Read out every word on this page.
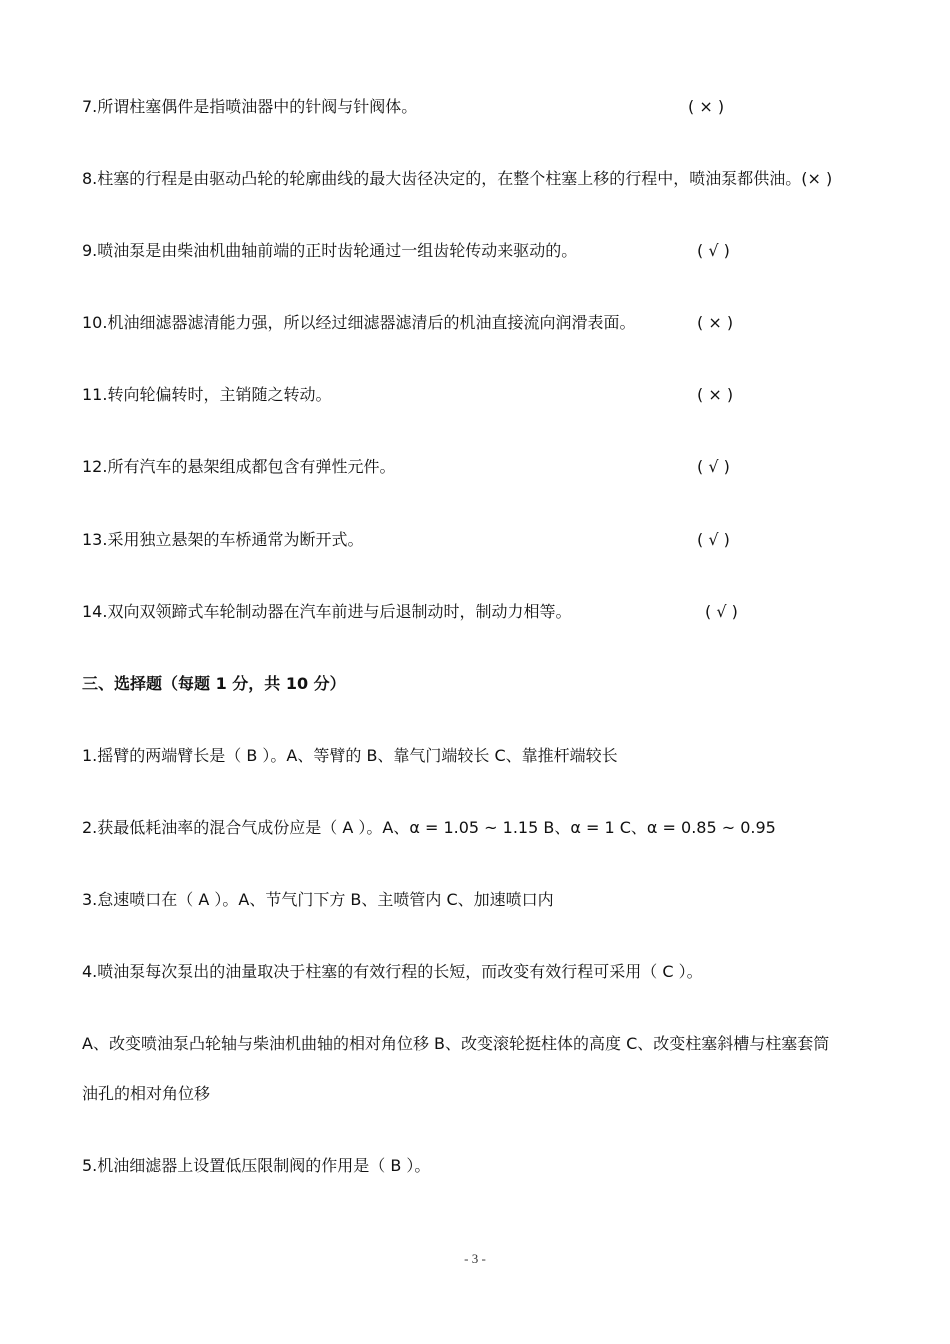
7.所谓柱塞偶件是指喷油器中的针阀与针阀体。	( × )
8.柱塞的行程是由驱动凸轮的轮廓曲线的最大齿径决定的，在整个柱塞上移的行程中，喷油泵都供油。(× )
9.喷油泵是由柴油机曲轴前端的正时齿轮通过一组齿轮传动来驱动的。	( √ )
10.机油细滤器滤清能力强，所以经过细滤器滤清后的机油直接流向润滑表面。	( × )
11.转向轮偏转时，主销随之转动。	( × )
12.所有汽车的悬架组成都包含有弹性元件。	( √ )
13.采用独立悬架的车桥通常为断开式。	( √ )
14.双向双领蹄式车轮制动器在汽车前进与后退制动时，制动力相等。	( √ )
三、选择题（每题 1 分，共 10 分）
1.摇臂的两端臂长是（ B ）。A、等臂的 B、靠气门端较长 C、靠推杆端较长
2.获最低耗油率的混合气成份应是（ A ）。A、α = 1.05 ~ 1.15 B、α = 1 C、α = 0.85 ~ 0.95
3.怠速喷口在（ A ）。A、节气门下方 B、主喷管内 C、加速喷口内
4.喷油泵每次泵出的油量取决于柱塞的有效行程的长短，而改变有效行程可采用（ C ）。
A、改变喷油泵凸轮轴与柴油机曲轴的相对角位移 B、改变滚轮挺柱体的高度 C、改变柱塞斜槽与柱塞套筒
油孔的相对角位移
5.机油细滤器上设置低压限制阀的作用是（ B ）。
- 3 -
